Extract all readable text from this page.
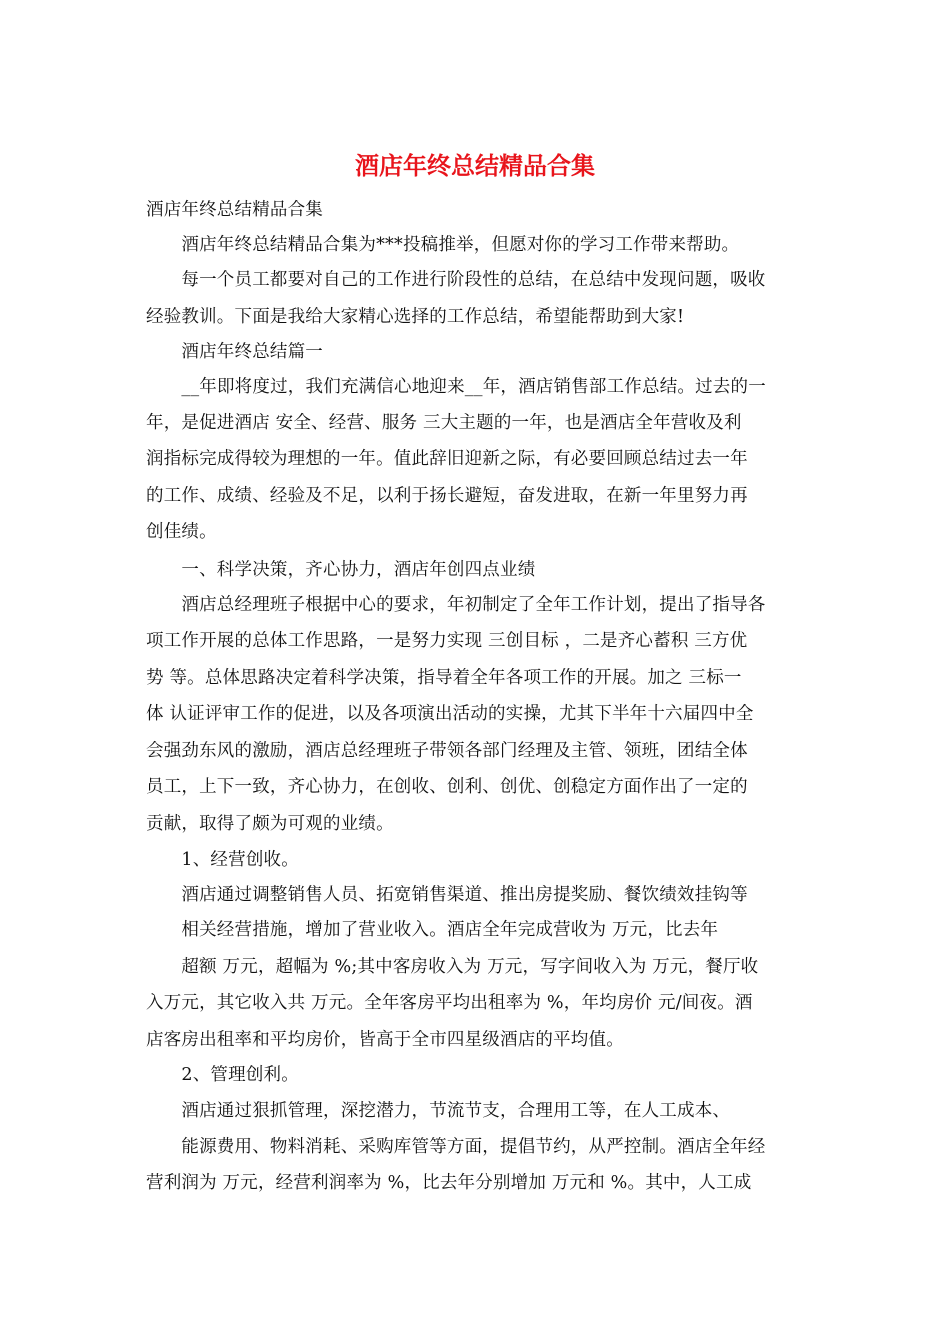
酒店年终总结精品合集
酒店年终总结精品合集
　　酒店年终总结精品合集为***投稿推举，但愿对你的学习工作带来帮助。
　　每一个员工都要对自己的工作进行阶段性的总结，在总结中发现问题，吸收
经验教训。下面是我给大家精心选择的工作总结，希望能帮助到大家!
　　酒店年终总结篇一
　　__年即将度过，我们充满信心地迎来__年，酒店销售部工作总结。过去的一
年，是促进酒店 安全、经营、服务 三大主题的一年，也是酒店全年营收及利
润指标完成得较为理想的一年。值此辞旧迎新之际，有必要回顾总结过去一年
的工作、成绩、经验及不足，以利于扬长避短，奋发进取，在新一年里努力再
创佳绩。
　　一、科学决策，齐心协力，酒店年创四点业绩
　　酒店总经理班子根据中心的要求，年初制定了全年工作计划，提出了指导各
项工作开展的总体工作思路，一是努力实现 三创目标 ，二是齐心蓄积 三方优
势 等。总体思路决定着科学决策，指导着全年各项工作的开展。加之 三标一
体 认证评审工作的促进，以及各项演出活动的实操，尤其下半年十六届四中全
会强劲东风的激励，酒店总经理班子带领各部门经理及主管、领班，团结全体
员工，上下一致，齐心协力，在创收、创利、创优、创稳定方面作出了一定的
贡献，取得了颇为可观的业绩。
　　1、经营创收。
　　酒店通过调整销售人员、拓宽销售渠道、推出房提奖励、餐饮绩效挂钩等
　　相关经营措施，增加了营业收入。酒店全年完成营收为 万元，比去年
　　超额 万元，超幅为 %;其中客房收入为 万元，写字间收入为 万元，餐厅收
入万元，其它收入共 万元。全年客房平均出租率为 %，年均房价 元/间夜。酒
店客房出租率和平均房价，皆高于全市四星级酒店的平均值。
　　2、管理创利。
　　酒店通过狠抓管理，深挖潜力，节流节支，合理用工等，在人工成本、
　　能源费用、物料消耗、采购库管等方面，提倡节约，从严控制。酒店全年经
营利润为 万元，经营利润率为 %，比去年分别增加 万元和 %。其中，人工成
